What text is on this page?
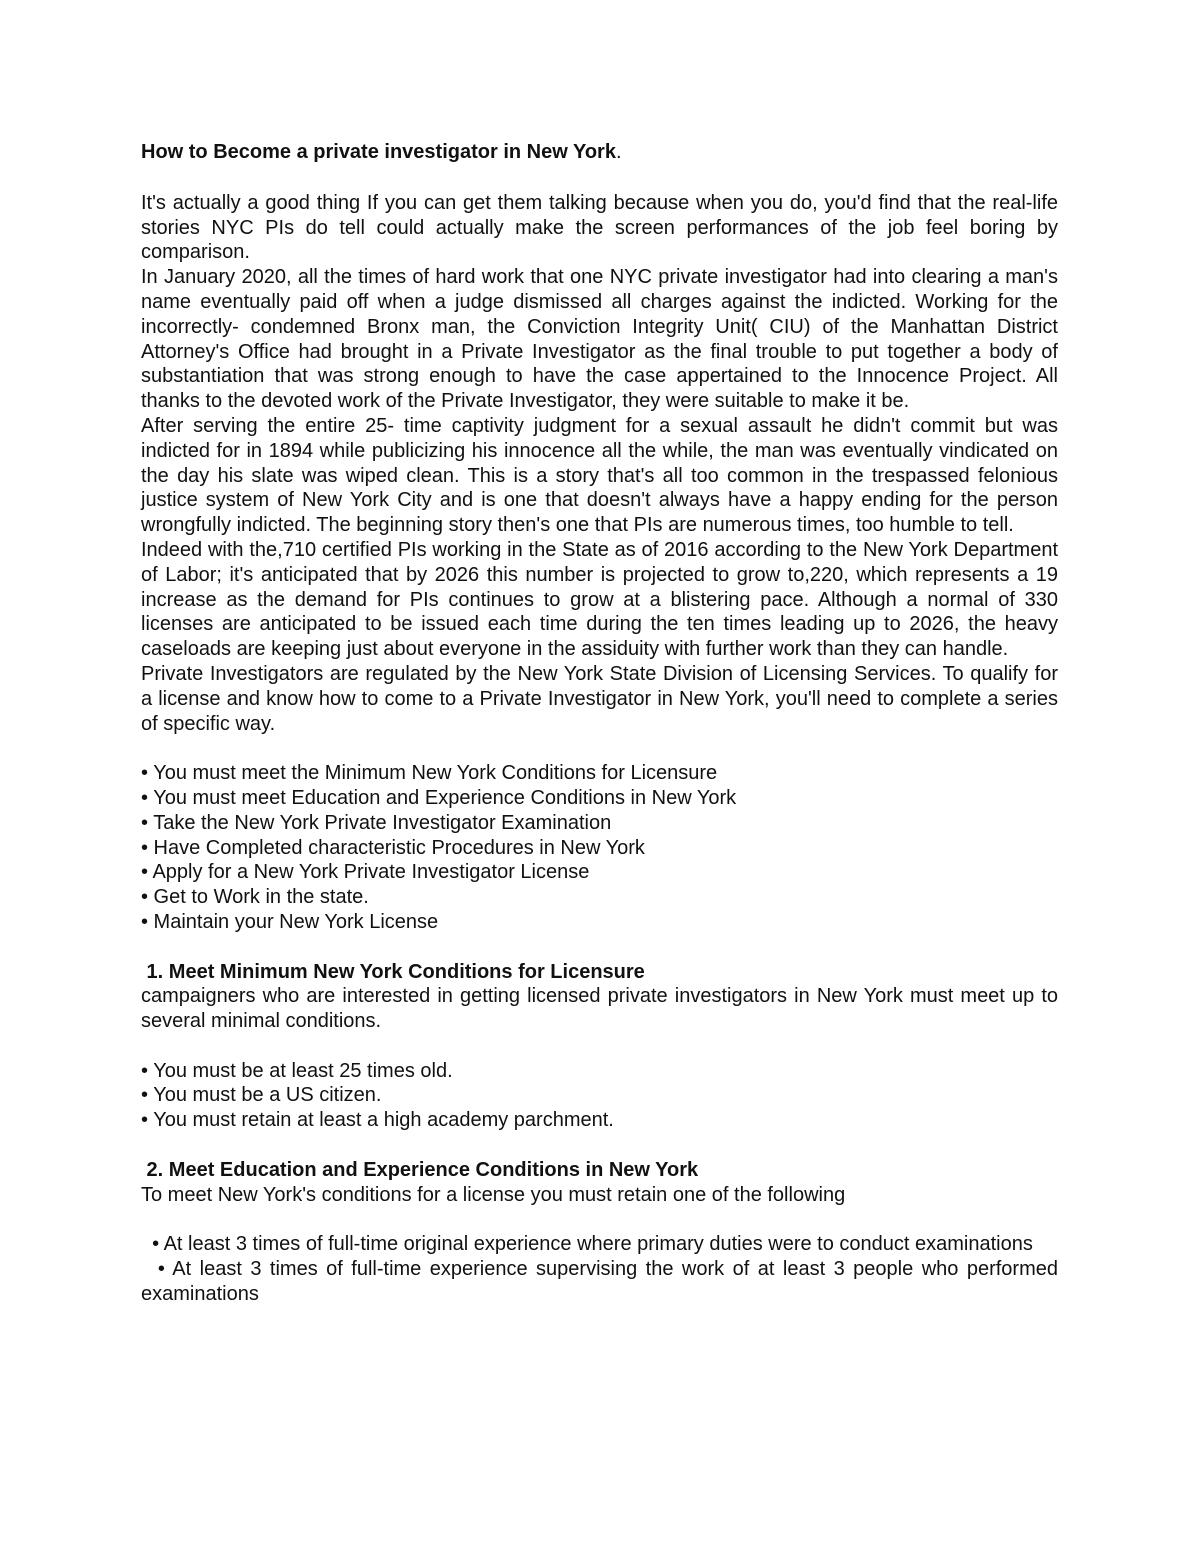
How to Become a private investigator in New York.

It's actually a good thing If you can get them talking because when you do, you'd find that the real-life stories NYC PIs do tell could actually make the screen performances of the job feel boring by comparison.

In January 2020, all the times of hard work that one NYC private investigator had into clearing a man's name eventually paid off when a judge dismissed all charges against the indicted. Working for the incorrectly- condemned Bronx man, the Conviction Integrity Unit( CIU) of the Manhattan District Attorney's Office had brought in a Private Investigator as the final trouble to put together a body of substantiation that was strong enough to have the case appertained to the Innocence Project. All thanks to the devoted work of the Private Investigator, they were suitable to make it be.

After serving the entire 25- time captivity judgment for a sexual assault he didn't commit but was indicted for in 1894 while publicizing his innocence all the while, the man was eventually vindicated on the day his slate was wiped clean. This is a story that's all too common in the trespassed felonious justice system of New York City and is one that doesn't always have a happy ending for the person wrongfully indicted. The beginning story then's one that PIs are numerous times, too humble to tell.

Indeed with the,710 certified PIs working in the State as of 2016 according to the New York Department of Labor; it's anticipated that by 2026 this number is projected to grow to,220, which represents a 19 increase as the demand for PIs continues to grow at a blistering pace. Although a normal of 330 licenses are anticipated to be issued each time during the ten times leading up to 2026, the heavy caseloads are keeping just about everyone in the assiduity with further work than they can handle.

Private Investigators are regulated by the New York State Division of Licensing Services. To qualify for a license and know how to come to a Private Investigator in New York, you'll need to complete a series of specific way.

• You must meet the Minimum New York Conditions for Licensure
• You must meet Education and Experience Conditions in New York
• Take the New York Private Investigator Examination
• Have Completed characteristic Procedures in New York
• Apply for a New York Private Investigator License
• Get to Work in the state.
• Maintain your New York License

1. Meet Minimum New York Conditions for Licensure

campaigners who are interested in getting licensed private investigators in New York must meet up to several minimal conditions.

• You must be at least 25 times old.
• You must be a US citizen.
• You must retain at least a high academy parchment.

2. Meet Education and Experience Conditions in New York

To meet New York's conditions for a license you must retain one of the following

• At least 3 times of full-time original experience where primary duties were to conduct examinations
• At least 3 times of full-time experience supervising the work of at least 3 people who performed examinations
